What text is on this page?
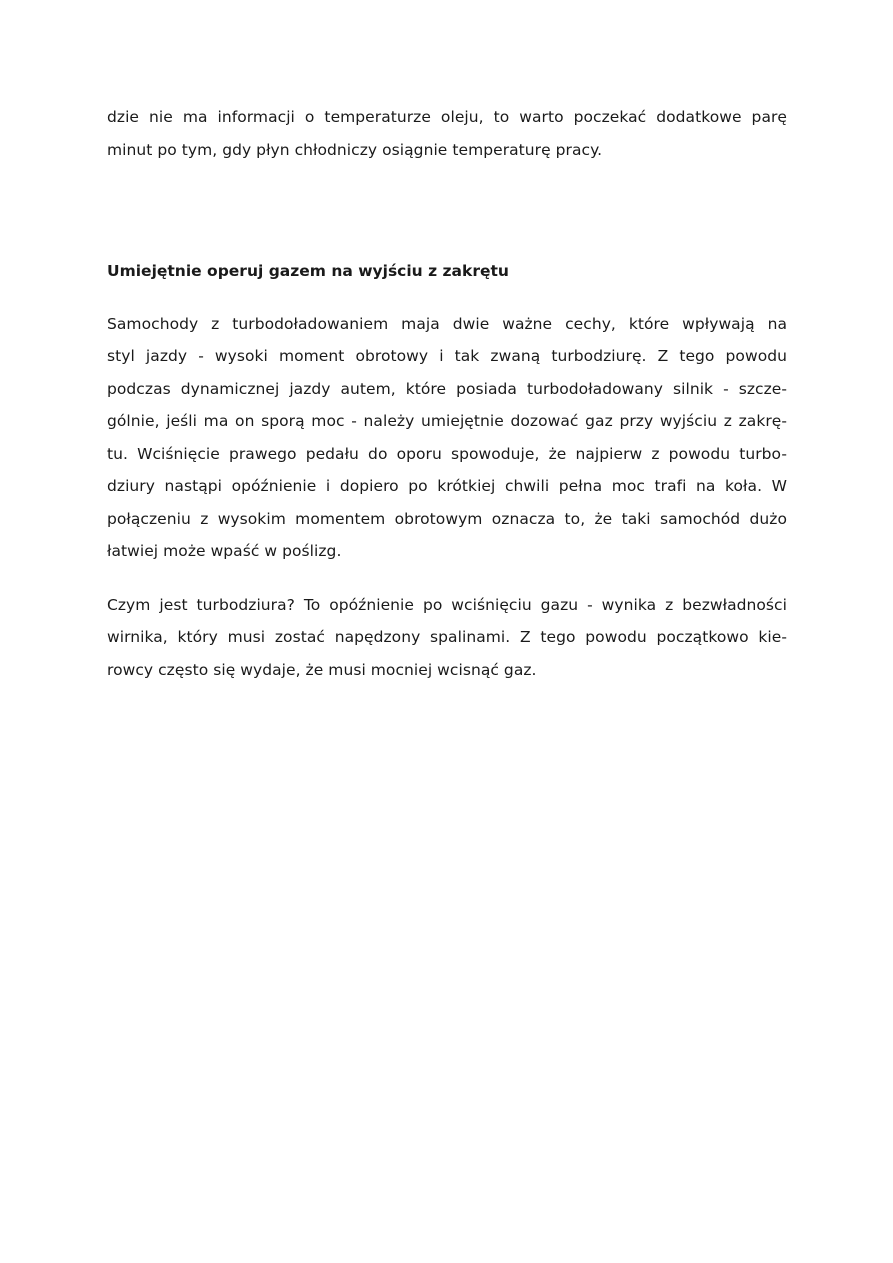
dzie nie ma informacji o temperaturze oleju, to warto poczekać dodatkowe parę
minut po tym, gdy płyn chłodniczy osiągnie temperaturę pracy.
Umiejętnie operuj gazem na wyjściu z zakrętu
Samochody z turbodoładowaniem maja dwie ważne cechy, które wpływają na
styl jazdy - wysoki moment obrotowy i tak zwaną turbodziurę. Z tego powodu
podczas dynamicznej jazdy autem, które posiada turbodoładowany silnik - szcze-
gólnie, jeśli ma on sporą moc - należy umiejętnie dozować gaz przy wyjściu z zakrę-
tu. Wciśnięcie prawego pedału do oporu spowoduje, że najpierw z powodu turbo-
dziury nastąpi opóźnienie i dopiero po krótkiej chwili pełna moc trafi na koła. W
połączeniu z wysokim momentem obrotowym oznacza to, że taki samochód dużo
łatwiej może wpaść w poślizg.
Czym jest turbodziura? To opóźnienie po wciśnięciu gazu - wynika z bezwładności
wirnika, który musi zostać napędzony spalinami. Z tego powodu początkowo kie-
rowcy często się wydaje, że musi mocniej wcisnąć gaz.
